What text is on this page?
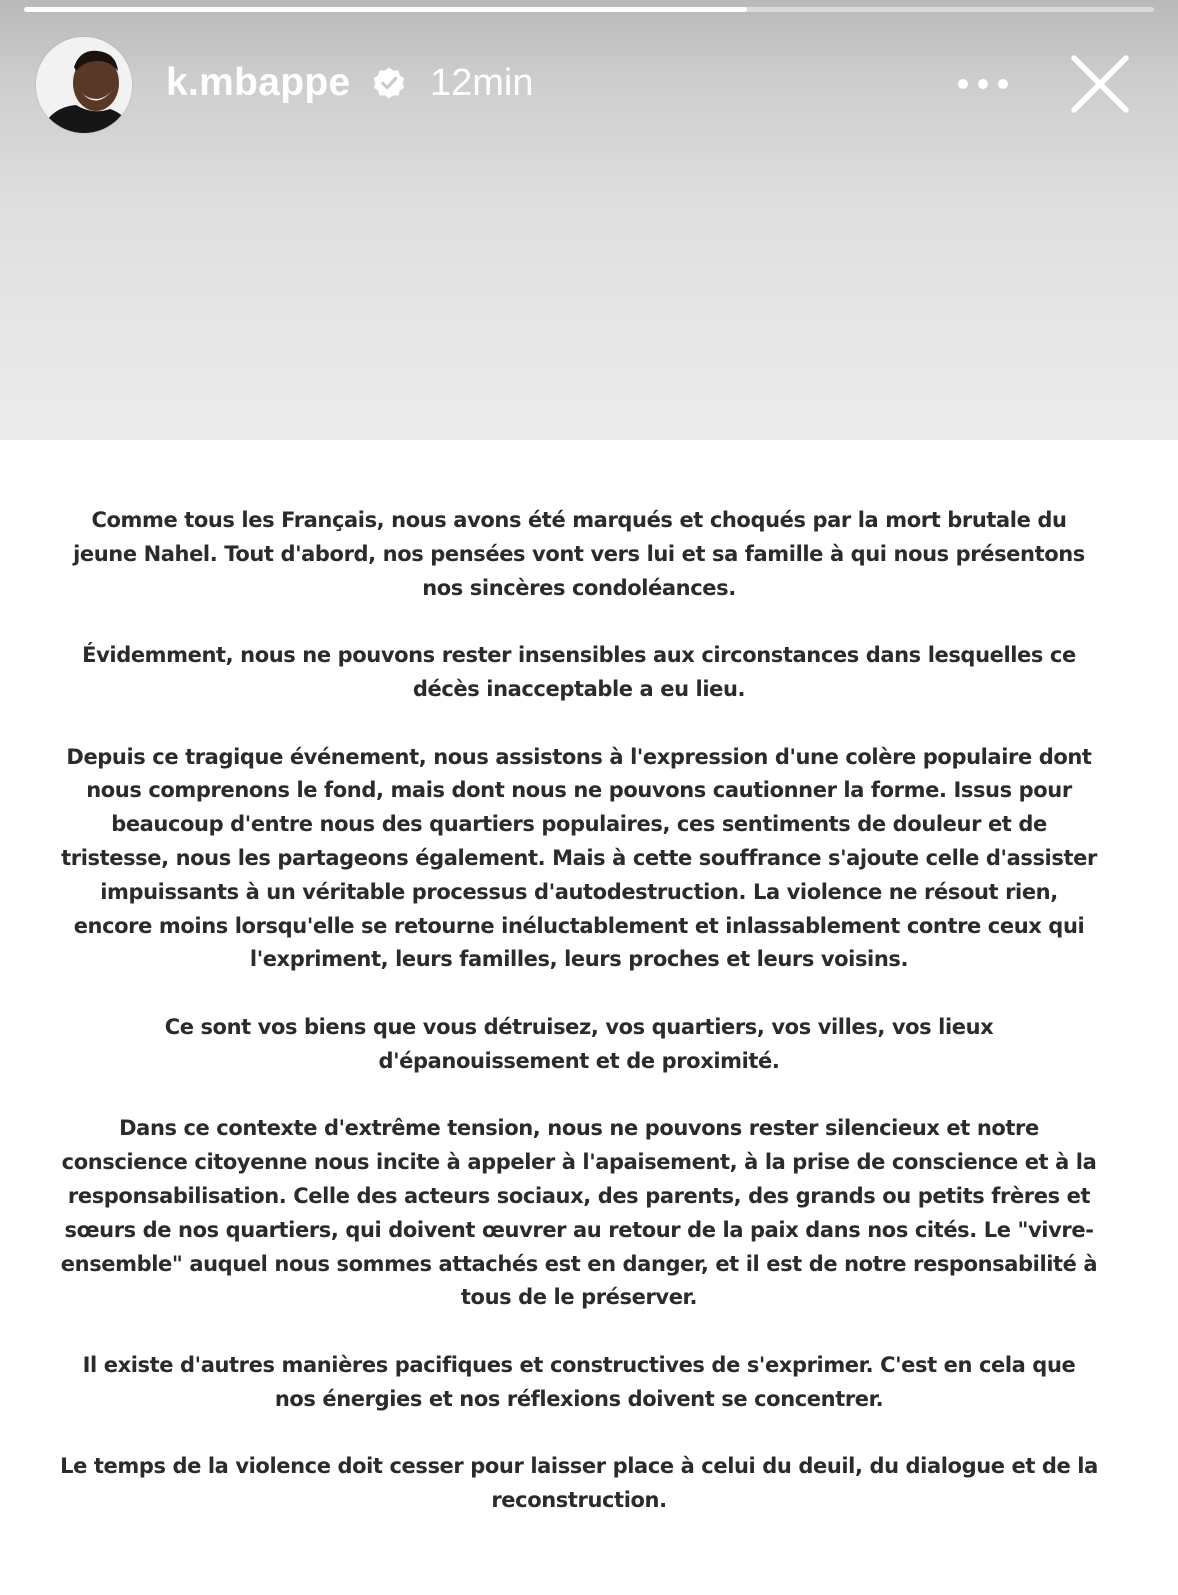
k.mbappe 12min

Comme tous les Français, nous avons été marqués et choqués par la mort brutale du jeune Nahel. Tout d'abord, nos pensées vont vers lui et sa famille à qui nous présentons nos sincères condoléances.

Évidemment, nous ne pouvons rester insensibles aux circonstances dans lesquelles ce décès inacceptable a eu lieu.

Depuis ce tragique événement, nous assistons à l'expression d'une colère populaire dont nous comprenons le fond, mais dont nous ne pouvons cautionner la forme. Issus pour beaucoup d'entre nous des quartiers populaires, ces sentiments de douleur et de tristesse, nous les partageons également. Mais à cette souffrance s'ajoute celle d'assister impuissants à un véritable processus d'autodestruction. La violence ne résout rien, encore moins lorsqu'elle se retourne inéluctablement et inlassablement contre ceux qui l'expriment, leurs familles, leurs proches et leurs voisins.

Ce sont vos biens que vous détruisez, vos quartiers, vos villes, vos lieux d'épanouissement et de proximité.

Dans ce contexte d'extrême tension, nous ne pouvons rester silencieux et notre conscience citoyenne nous incite à appeler à l'apaisement, à la prise de conscience et à la responsabilisation. Celle des acteurs sociaux, des parents, des grands ou petits frères et sœurs de nos quartiers, qui doivent œuvrer au retour de la paix dans nos cités. Le "vivre-ensemble" auquel nous sommes attachés est en danger, et il est de notre responsabilité à tous de le préserver.

Il existe d'autres manières pacifiques et constructives de s'exprimer. C'est en cela que nos énergies et nos réflexions doivent se concentrer.

Le temps de la violence doit cesser pour laisser place à celui du deuil, du dialogue et de la reconstruction.
